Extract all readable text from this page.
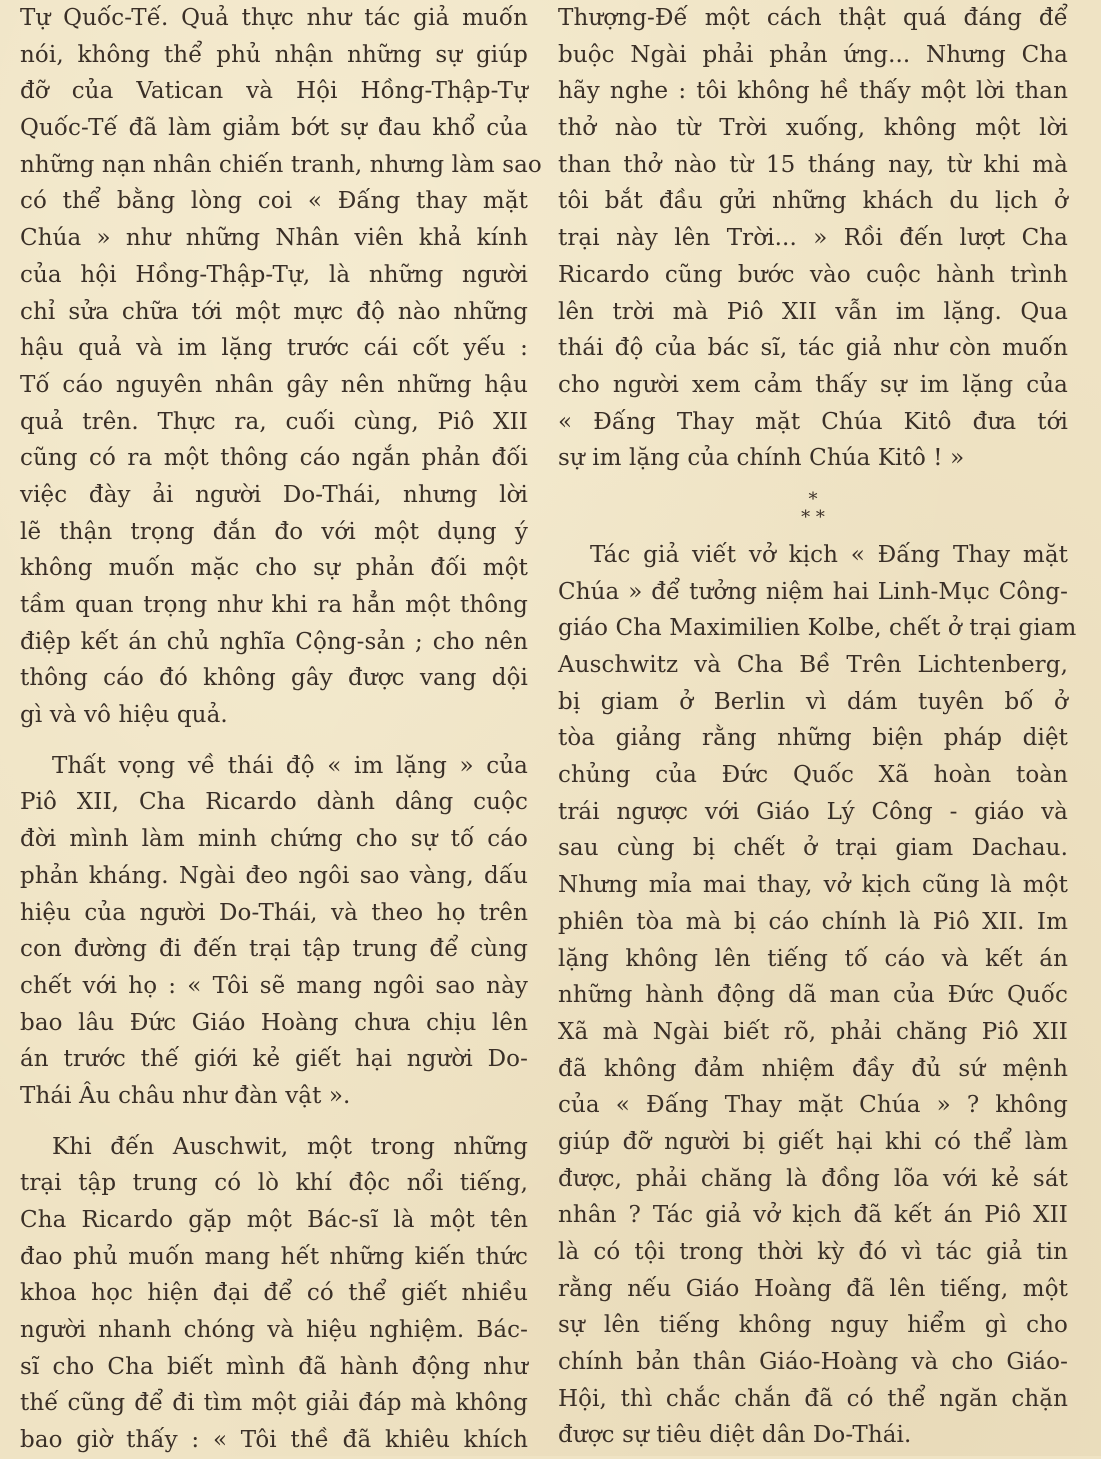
Tự Quốc-Tế. Quả thực như tác giả muốn
nói, không thể phủ nhận những sự giúp
đỡ của Vatican và Hội Hồng-Thập-Tự
Quốc-Tế đã làm giảm bớt sự đau khổ của
những nạn nhân chiến tranh, nhưng làm sao
có thể bằng lòng coi « Đấng thay mặt
Chúa » như những Nhân viên khả kính
của hội Hồng-Thập-Tự, là những người
chỉ sửa chữa tới một mực độ nào những
hậu quả và im lặng trước cái cốt yếu :
Tố cáo nguyên nhân gây nên những hậu
quả trên. Thực ra, cuối cùng, Piô XII
cũng có ra một thông cáo ngắn phản đối
việc đày ải người Do-Thái, nhưng lời
lẽ thận trọng đắn đo với một dụng ý
không muốn mặc cho sự phản đối một
tầm quan trọng như khi ra hẳn một thông
điệp kết án chủ nghĩa Cộng-sản ; cho nên
thông cáo đó không gây được vang dội
gì và vô hiệu quả.
Thất vọng về thái độ « im lặng » của
Piô XII, Cha Ricardo dành dâng cuộc
đời mình làm minh chứng cho sự tố cáo
phản kháng. Ngài đeo ngôi sao vàng, dấu
hiệu của người Do-Thái, và theo họ trên
con đường đi đến trại tập trung để cùng
chết với họ : « Tôi sẽ mang ngôi sao này
bao lâu Đức Giáo Hoàng chưa chịu lên
án trước thế giới kẻ giết hại người Do-
Thái Âu châu như đàn vật ».
Khi đến Auschwit, một trong những
trại tập trung có lò khí độc nổi tiếng,
Cha Ricardo gặp một Bác-sĩ là một tên
đao phủ muốn mang hết những kiến thức
khoa học hiện đại để có thể giết nhiều
người nhanh chóng và hiệu nghiệm. Bác-
sĩ cho Cha biết mình đã hành động như
thế cũng để đi tìm một giải đáp mà không
bao giờ thấy : « Tôi thề đã khiêu khích
Thượng-Đế một cách thật quá đáng để
buộc Ngài phải phản ứng... Nhưng Cha
hãy nghe : tôi không hề thấy một lời than
thở nào từ Trời xuống, không một lời
than thở nào từ 15 tháng nay, từ khi mà
tôi bắt đầu gửi những khách du lịch ở
trại này lên Trời... » Rồi đến lượt Cha
Ricardo cũng bước vào cuộc hành trình
lên trời mà Piô XII vẫn im lặng. Qua
thái độ của bác sĩ, tác giả như còn muốn
cho người xem cảm thấy sự im lặng của
« Đấng Thay mặt Chúa Kitô đưa tới
sự im lặng của chính Chúa Kitô ! »
*
* *
Tác giả viết vở kịch « Đấng Thay mặt
Chúa » để tưởng niệm hai Linh-Mục Công-
giáo Cha Maximilien Kolbe, chết ở trại giam
Auschwitz và Cha Bề Trên Lichtenberg,
bị giam ở Berlin vì dám tuyên bố ở
tòa giảng rằng những biện pháp diệt
chủng của Đức Quốc Xã hoàn toàn
trái ngược với Giáo Lý Công - giáo và
sau cùng bị chết ở trại giam Dachau.
Nhưng mỉa mai thay, vở kịch cũng là một
phiên tòa mà bị cáo chính là Piô XII. Im
lặng không lên tiếng tố cáo và kết án
những hành động dã man của Đức Quốc
Xã mà Ngài biết rõ, phải chăng Piô XII
đã không đảm nhiệm đầy đủ sứ mệnh
của « Đấng Thay mặt Chúa » ? không
giúp đỡ người bị giết hại khi có thể làm
được, phải chăng là đồng lõa với kẻ sát
nhân ? Tác giả vở kịch đã kết án Piô XII
là có tội trong thời kỳ đó vì tác giả tin
rằng nếu Giáo Hoàng đã lên tiếng, một
sự lên tiếng không nguy hiểm gì cho
chính bản thân Giáo-Hoàng và cho Giáo-
Hội, thì chắc chắn đã có thể ngăn chặn
được sự tiêu diệt dân Do-Thái.
